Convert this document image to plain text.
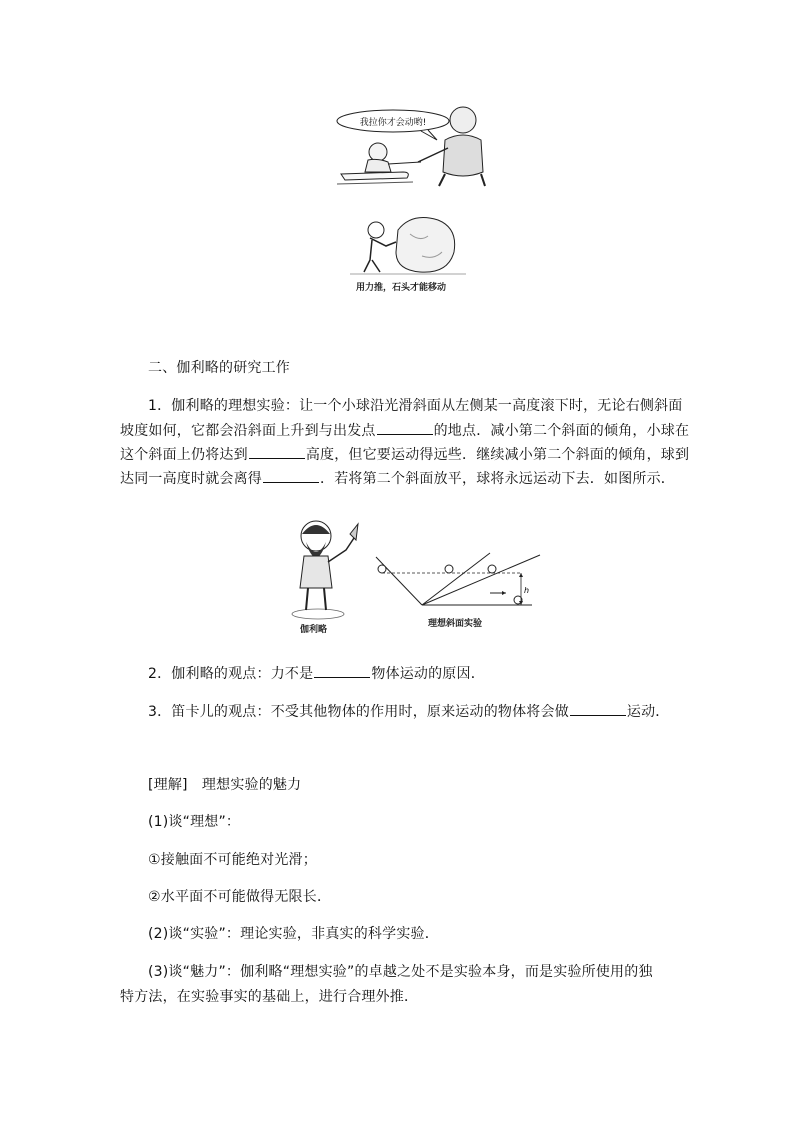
我拉你才会动哟!
用力推，石头才能移动
二、伽利略的研究工作
1．伽利略的理想实验：让一个小球沿光滑斜面从左侧某一高度滚下时，无论右侧斜面
坡度如何，它都会沿斜面上升到与出发点	的地点．减小第二个斜面的倾角，小球在
这个斜面上仍将达到	高度，但它要运动得远些．继续减小第二个斜面的倾角，球到
达同一高度时就会离得	．若将第二个斜面放平，球将永远运动下去．如图所示．
伽利略
h
理想斜面实验
2．伽利略的观点：力不是	物体运动的原因．
3．笛卡儿的观点：不受其他物体的作用时，原来运动的物体将会做	运动．
[理解]　理想实验的魅力
(1)谈“理想”：
①接触面不可能绝对光滑；
②水平面不可能做得无限长．
(2)谈“实验”：理论实验，非真实的科学实验．
(3)谈“魅力”：伽利略“理想实验”的卓越之处不是实验本身，而是实验所使用的独
特方法，在实验事实的基础上，进行合理外推．
